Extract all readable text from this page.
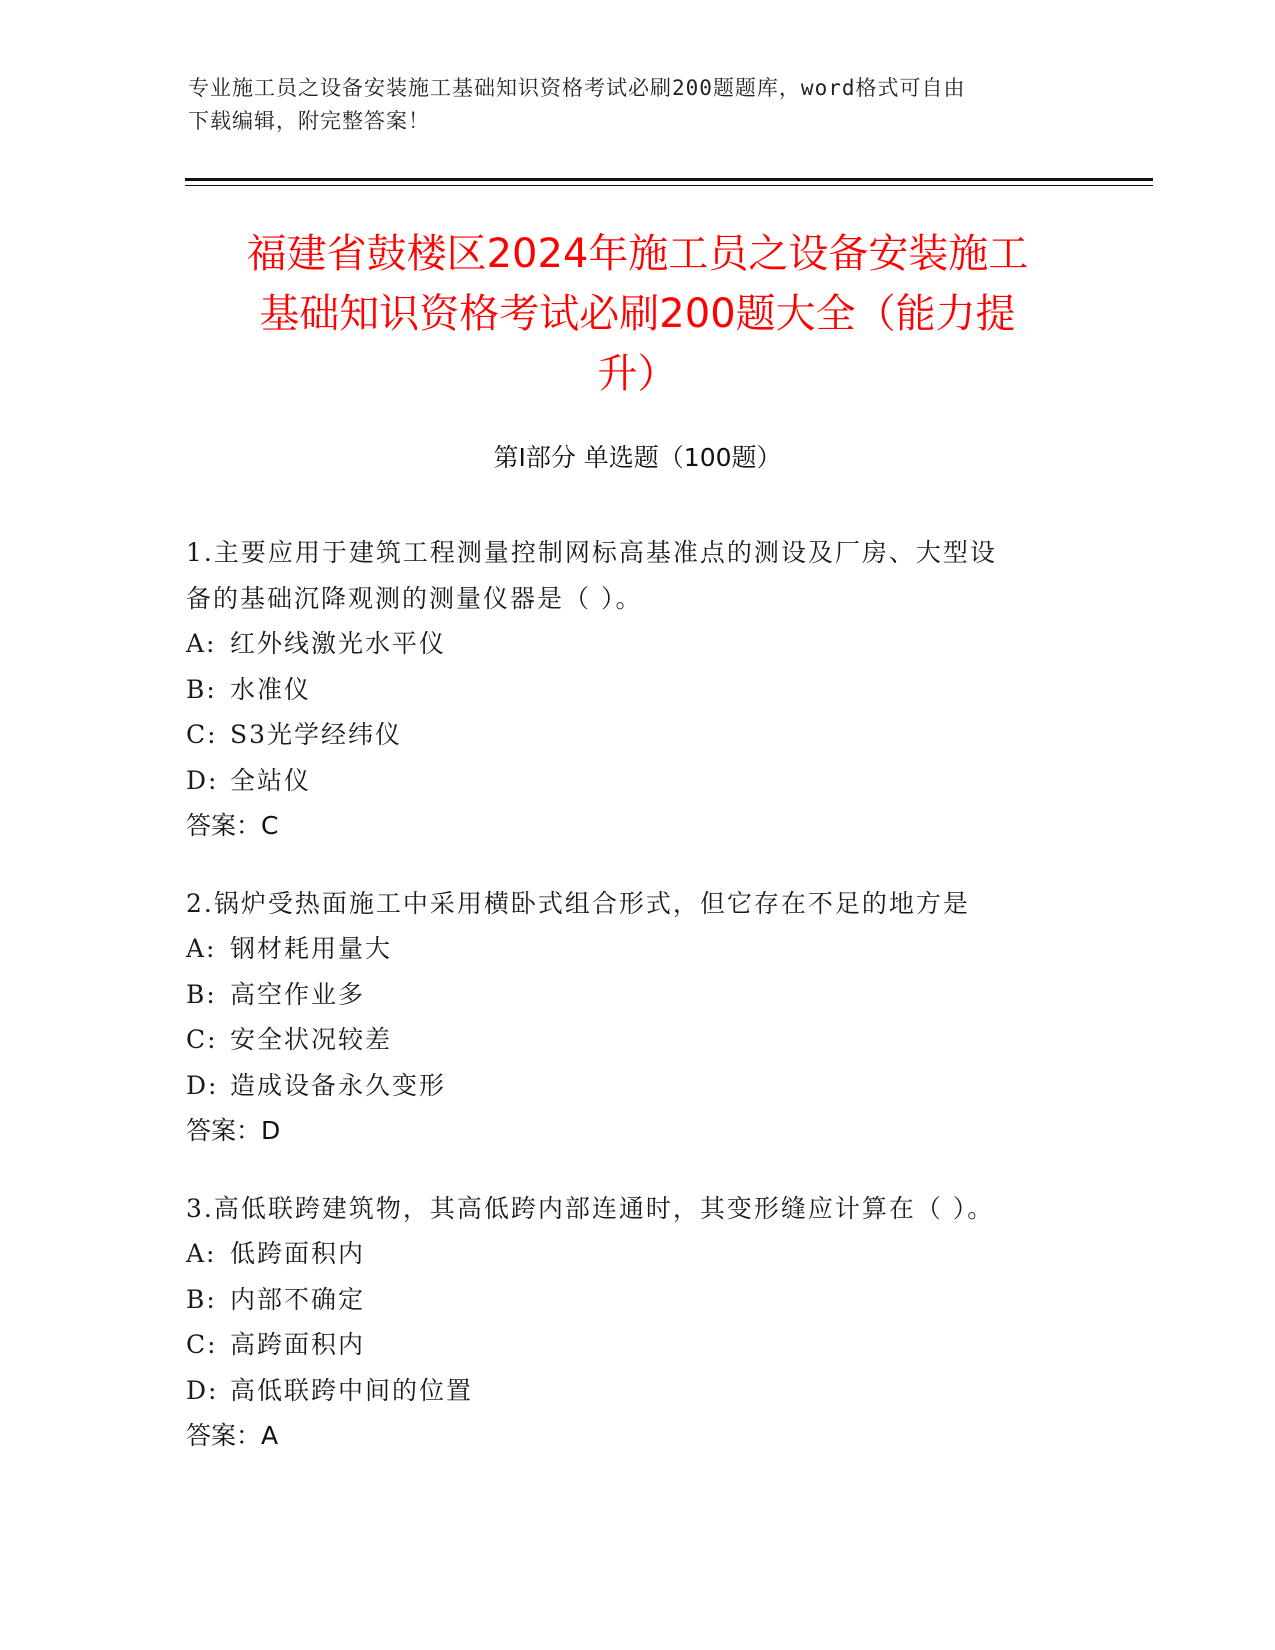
专业施工员之设备安装施工基础知识资格考试必刷200题题库，word格式可自由
下载编辑，附完整答案！
福建省鼓楼区2024年施工员之设备安装施工
基础知识资格考试必刷200题大全（能力提
升）
第Ⅰ部分 单选题（100题）
1.主要应用于建筑工程测量控制网标高基准点的测设及厂房、大型设
备的基础沉降观测的测量仪器是（ ）。
A: 红外线激光水平仪
B: 水准仪
C: S3光学经纬仪
D: 全站仪
答案：C
2.锅炉受热面施工中采用横卧式组合形式，但它存在不足的地方是
A: 钢材耗用量大
B: 高空作业多
C: 安全状况较差
D: 造成设备永久变形
答案：D
3.高低联跨建筑物，其高低跨内部连通时，其变形缝应计算在（ ）。
A: 低跨面积内
B: 内部不确定
C: 高跨面积内
D: 高低联跨中间的位置
答案：A
